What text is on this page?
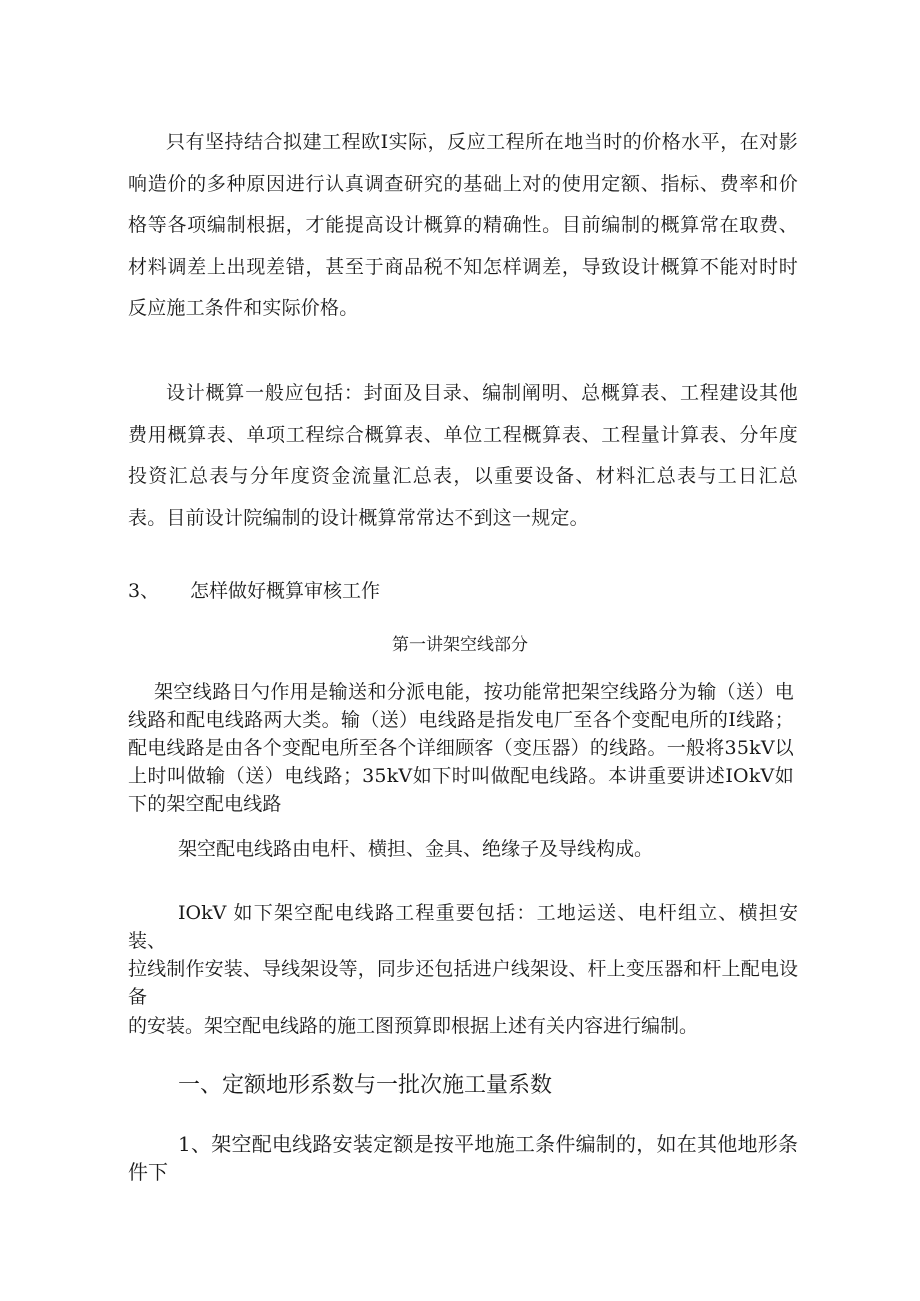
只有坚持结合拟建工程欧Ⅰ实际，反应工程所在地当时的价格水平，在对影响造价的多种原因进行认真调查研究的基础上对的使用定额、指标、费率和价格等各项编制根据，才能提高设计概算的精确性。目前编制的概算常在取费、材料调差上出现差错，甚至于商品税不知怎样调差，导致设计概算不能对时时反应施工条件和实际价格。

设计概算一般应包括：封面及目录、编制阐明、总概算表、工程建设其他费用概算表、单项工程综合概算表、单位工程概算表、工程量计算表、分年度投资汇总表与分年度资金流量汇总表，以重要设备、材料汇总表与工日汇总表。目前设计院编制的设计概算常常达不到这一规定。

3、 怎样做好概算审核工作

第一讲架空线部分

架空线路日勺作用是输送和分派电能，按功能常把架空线路分为输（送）电线路和配电线路两大类。输（送）电线路是指发电厂至各个变配电所的Ⅰ线路；配电线路是由各个变配电所至各个详细顾客（变压器）的线路。一般将35kV以上时叫做输（送）电线路；35kV如下时叫做配电线路。本讲重要讲述IOkV如下的架空配电线路

架空配电线路由电杆、横担、金具、绝缘子及导线构成。

IOkV 如下架空配电线路工程重要包括：工地运送、电杆组立、横担安装、

拉线制作安装、导线架设等，同步还包括进户线架设、杆上变压器和杆上配电设备

的安装。架空配电线路的施工图预算即根据上述有关内容进行编制。

一、定额地形系数与一批次施工量系数

1、架空配电线路安装定额是按平地施工条件编制的，如在其他地形条件下
